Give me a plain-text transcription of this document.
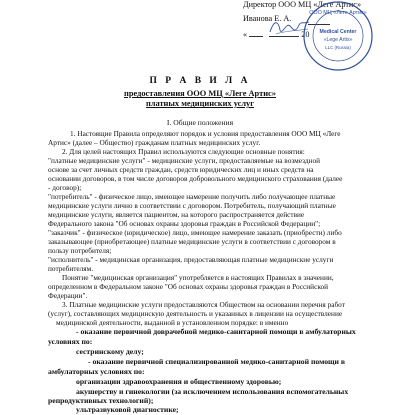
Директор ООО МЦ «Леге Артис»
Иванова Е. А.
«	20
ООО МЦ «Леге Артис»
Medical Center
«Lege Artis»
LLC (Russia)
П Р А В И Л А
предоставления ООО МЦ «Леге Артис»
платных медицинских услуг
I. Общие положения
1. Настоящие Правила определяют порядок и условия предоставления ООО МЦ «Леге
Артис» (далее – Общество) гражданам платных медицинских услуг.
2. Для целей настоящих Правил используются следующие основные понятия:
"платные медицинские услуги" - медицинские услуги, предоставляемые на возмездной
основе за счет личных средств граждан, средств юридических лиц и иных средств на
основании договоров, в том числе договоров добровольного медицинского страхования (далее
- договор);
"потребитель" - физическое лицо, имеющее намерение получить либо получающее платные
медицинские услуги лично в соответствии с договором. Потребитель, получающий платные
медицинские услуги, является пациентом, на которого распространяется действие
Федерального закона "Об основах охраны здоровья граждан в Российской Федерации";
"заказчик" - физическое (юридическое) лицо, имеющее намерение заказать (приобрести) либо
заказывающее (приобретающее) платные медицинские услуги в соответствии с договором в
пользу потребителя;
"исполнитель" - медицинская организация, предоставляющая платные медицинские услуги
потребителям.
Понятие "медицинская организация" употребляется в настоящих Правилах в значении,
определенном в Федеральном законе "Об основах охраны здоровья граждан в Российской
Федерации".
3. Платные медицинские услуги предоставляются Обществом на основании перечня работ
(услуг), составляющих медицинскую деятельность и указанных в лицензии на осуществление
медицинской деятельности, выданной в установленном порядке: в именно
- оказание первичной доврачебной медико-санитарной помощи в амбулаторных
условиях по:
сестринскому делу;
- оказание первичной специализированной медико-санитарной помощи в
амбулаторных условиях по:
организации здравоохранения и общественному здоровью;
акушерству и гинекологии (за исключением использования вспомогательных
репродуктивных технологий);
ультразвуковой диагностике;
